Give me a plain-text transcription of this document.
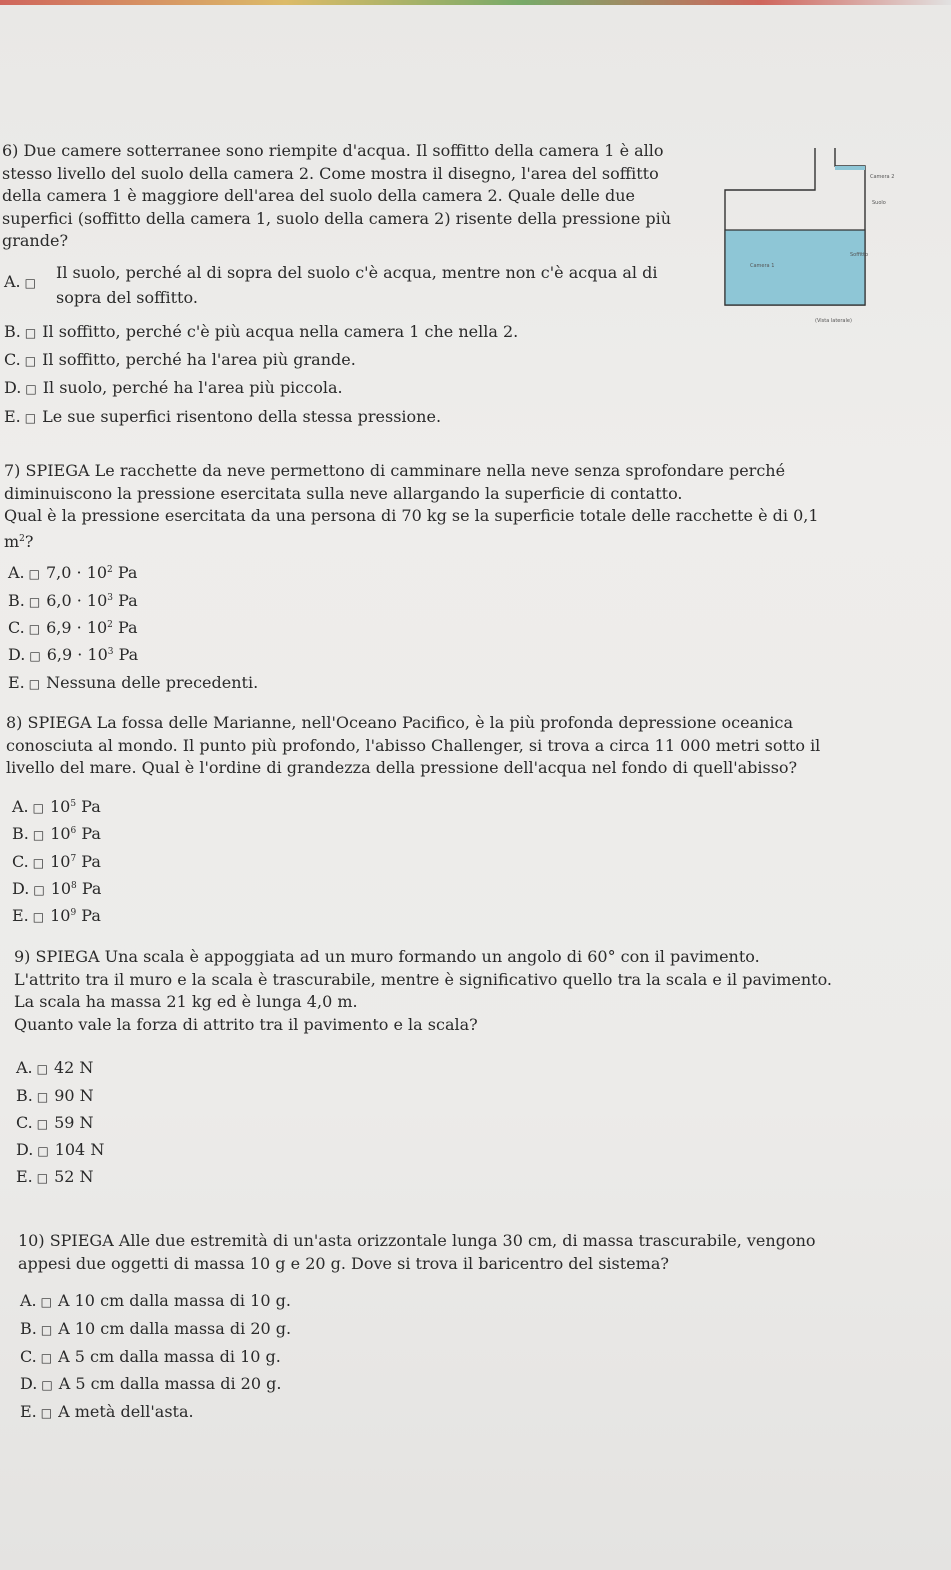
6) Due camere sotterranee sono riempite d'acqua. Il soffitto della camera 1 è allo

stesso livello del suolo della camera 2. Come mostra il disegno, l'area del soffitto

della camera 1 è maggiore dell'area del suolo della camera 2. Quale delle due

superfici (soffitto della camera 1, suolo della camera 2) risente della pressione più

grande?

A. □
Il suolo, perché al di sopra del suolo c'è acqua, mentre non c'è acqua al di
sopra del soffitto.
B. □ Il soffitto, perché c'è più acqua nella camera 1 che nella 2.
C. □ Il soffitto, perché ha l'area più grande.
D. □ Il suolo, perché ha l'area più piccola.
E. □ Le sue superfici risentono della stessa pressione.
Camera 2
Suolo
Soffitto
Camera 1
(Vista laterale)

7) SPIEGA Le racchette da neve permettono di camminare nella neve senza sprofondare perché

diminuiscono la pressione esercitata sulla neve allargando la superficie di contatto.

Qual è la pressione esercitata da una persona di 70 kg se la superficie totale delle racchette è di 0,1

$m^2$?

A. □ $7,0 \cdot 10^2$ Pa
B. □ $6,0 \cdot 10^3$ Pa
C. □ $6,9 \cdot 10^2$ Pa
D. □ $6,9 \cdot 10^3$ Pa
E. □ Nessuna delle precedenti.

8) SPIEGA La fossa delle Marianne, nell'Oceano Pacifico, è la più profonda depressione oceanica

conosciuta al mondo. Il punto più profondo, l'abisso Challenger, si trova a circa 11 000 metri sotto il

livello del mare. Qual è l'ordine di grandezza della pressione dell'acqua nel fondo di quell'abisso?

A. □ $10^5$ Pa
B. □ $10^6$ Pa
C. □ $10^7$ Pa
D. □ $10^8$ Pa
E. □ $10^9$ Pa

9) SPIEGA Una scala è appoggiata ad un muro formando un angolo di 60° con il pavimento.

L'attrito tra il muro e la scala è trascurabile, mentre è significativo quello tra la scala e il pavimento.

La scala ha massa 21 kg ed è lunga 4,0 m.

Quanto vale la forza di attrito tra il pavimento e la scala?

A. □ 42 N
B. □ 90 N
C. □ 59 N
D. □ 104 N
E. □ 52 N

10) SPIEGA Alle due estremità di un'asta orizzontale lunga 30 cm, di massa trascurabile, vengono

appesi due oggetti di massa 10 g e 20 g. Dove si trova il baricentro del sistema?

A. □ A 10 cm dalla massa di 10 g.
B. □ A 10 cm dalla massa di 20 g.
C. □ A 5 cm dalla massa di 10 g.
D. □ A 5 cm dalla massa di 20 g.
E. □ A metà dell'asta.
